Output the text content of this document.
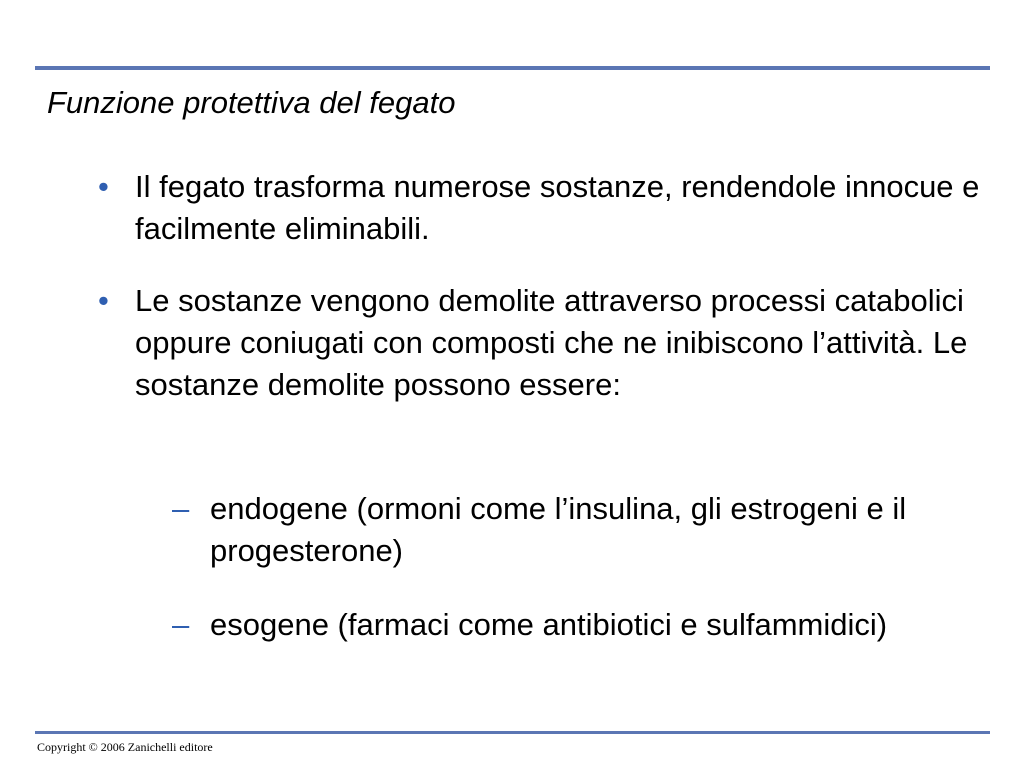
Funzione protettiva del fegato
• Il fegato trasforma numerose sostanze, rendendole innocue e facilmente eliminabili.
• Le sostanze vengono demolite attraverso processi catabolici oppure coniugati con composti che ne inibiscono l’attività. Le sostanze demolite possono essere:
– endogene (ormoni come l’insulina, gli estrogeni e il progesterone)
– esogene (farmaci come antibiotici e sulfammidici)
Copyright © 2006 Zanichelli editore
